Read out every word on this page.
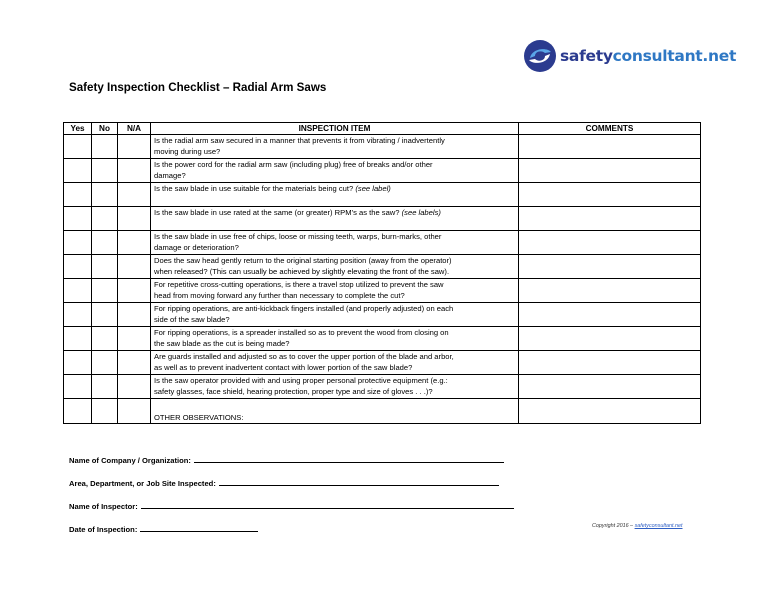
safetyconsultant.net
Safety Inspection Checklist – Radial Arm Saws
Yes	No	N/A	INSPECTION ITEM	COMMENTS
			Is the radial arm saw secured in a manner that prevents it from vibrating / inadvertently
moving during use?	
			Is the power cord for the radial arm saw (including plug) free of breaks and/or other
damage?	
			Is the saw blade in use suitable for the materials being cut? (see label)	
			Is the saw blade in use rated at the same (or greater) RPM’s as the saw? (see labels)	
			Is the saw blade in use free of chips, loose or missing teeth, warps, burn-marks, other
damage or deterioration?	
			Does the saw head gently return to the original starting position (away from the operator)
when released? (This can usually be achieved by slightly elevating the front of the saw).	
			For repetitive cross-cutting operations, is there a travel stop utilized to prevent the saw
head from moving forward any further than necessary to complete the cut?	
			For ripping operations, are anti-kickback fingers installed (and properly adjusted) on each
side of the saw blade?	
			For ripping operations, is a spreader installed so as to prevent the wood from closing on
the saw blade as the cut is being made?	
			Are guards installed and adjusted so as to cover the upper portion of the blade and arbor,
as well as to prevent inadvertent contact with lower portion of the saw blade?	
			Is the saw operator provided with and using proper personal protective equipment (e.g.:
safety glasses, face shield, hearing protection, proper type and size of gloves . . .)?	
			OTHER OBSERVATIONS:	
Name of Company / Organization:
Area, Department, or Job Site Inspected:
Name of Inspector:
Date of Inspection:	Copyright 2016 – safetyconsultant.net
